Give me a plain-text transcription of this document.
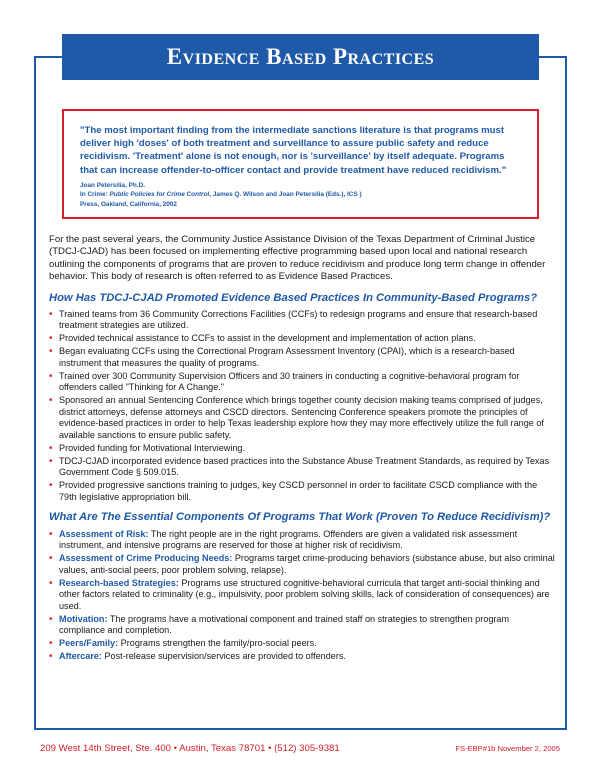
Evidence Based Practices

"The most important finding from the intermediate sanctions literature is that programs must deliver high 'doses' of both treatment and surveillance to assure public safety and reduce recidivism. 'Treatment' alone is not enough, nor is 'surveillance' by itself adequate. Programs that can increase offender-to-officer contact and provide treatment have reduced recidivism."

Joan Petersilia, Ph.D.
In Crime: Public Policies for Crime Control, James Q. Wilson and Joan Petersilia (Eds.), ICS )
Press, Oakland, California, 2002

For the past several years, the Community Justice Assistance Division of the Texas Department of Criminal Justice (TDCJ-CJAD) has been focused on implementing effective programming based upon local and national research outlining the components of programs that are proven to reduce recidivism and produce long term change in offender behavior. This body of research is often referred to as Evidence Based Practices.

How Has TDCJ-CJAD Promoted Evidence Based Practices In Community-Based Programs?
• Trained teams from 36 Community Corrections Facilities (CCFs) to redesign programs and ensure that research-based treatment strategies are utilized.
• Provided technical assistance to CCFs to assist in the development and implementation of action plans.
• Began evaluating CCFs using the Correctional Program Assessment Inventory (CPAI), which is a research-based instrument that measures the quality of programs.
• Trained over 300 Community Supervision Officers and 30 trainers in conducting a cognitive-behavioral program for offenders called "Thinking for A Change."
• Sponsored an annual Sentencing Conference which brings together county decision making teams comprised of judges, district attorneys, defense attorneys and CSCD directors. Sentencing Conference speakers promote the principles of evidence-based practices in order to help Texas leadership explore how they may more effectively utilize the full range of available sanctions to ensure public safety.
• Provided funding for Motivational Interviewing.
• TDCJ-CJAD incorporated evidence based practices into the Substance Abuse Treatment Standards, as required by Texas Government Code § 509.015.
• Provided progressive sanctions training to judges, key CSCD personnel in order to facilitate CSCD compliance with the 79th legislative appropriation bill.
What Are The Essential Components Of Programs That Work (Proven To Reduce Recidivism)?
• Assessment of Risk: The right people are in the right programs. Offenders are given a validated risk assessment instrument, and intensive programs are reserved for those at higher risk of recidivism.
• Assessment of Crime Producing Needs: Programs target crime-producing behaviors (substance abuse, but also criminal values, anti-social peers, poor problem solving, relapse).
• Research-based Strategies: Programs use structured cognitive-behavioral curricula that target anti-social thinking and other factors related to criminality (e.g., impulsivity, poor problem solving skills, lack of consideration of consequences) are used.
• Motivation: The programs have a motivational component and trained staff on strategies to strengthen program compliance and completion.
• Peers/Family: Programs strengthen the family/pro-social peers.
• Aftercare: Post-release supervision/services are provided to offenders.
209 West 14th Street, Ste. 400 • Austin, Texas 78701 • (512) 305-9381	FS-EBP#1b November 2, 2005
